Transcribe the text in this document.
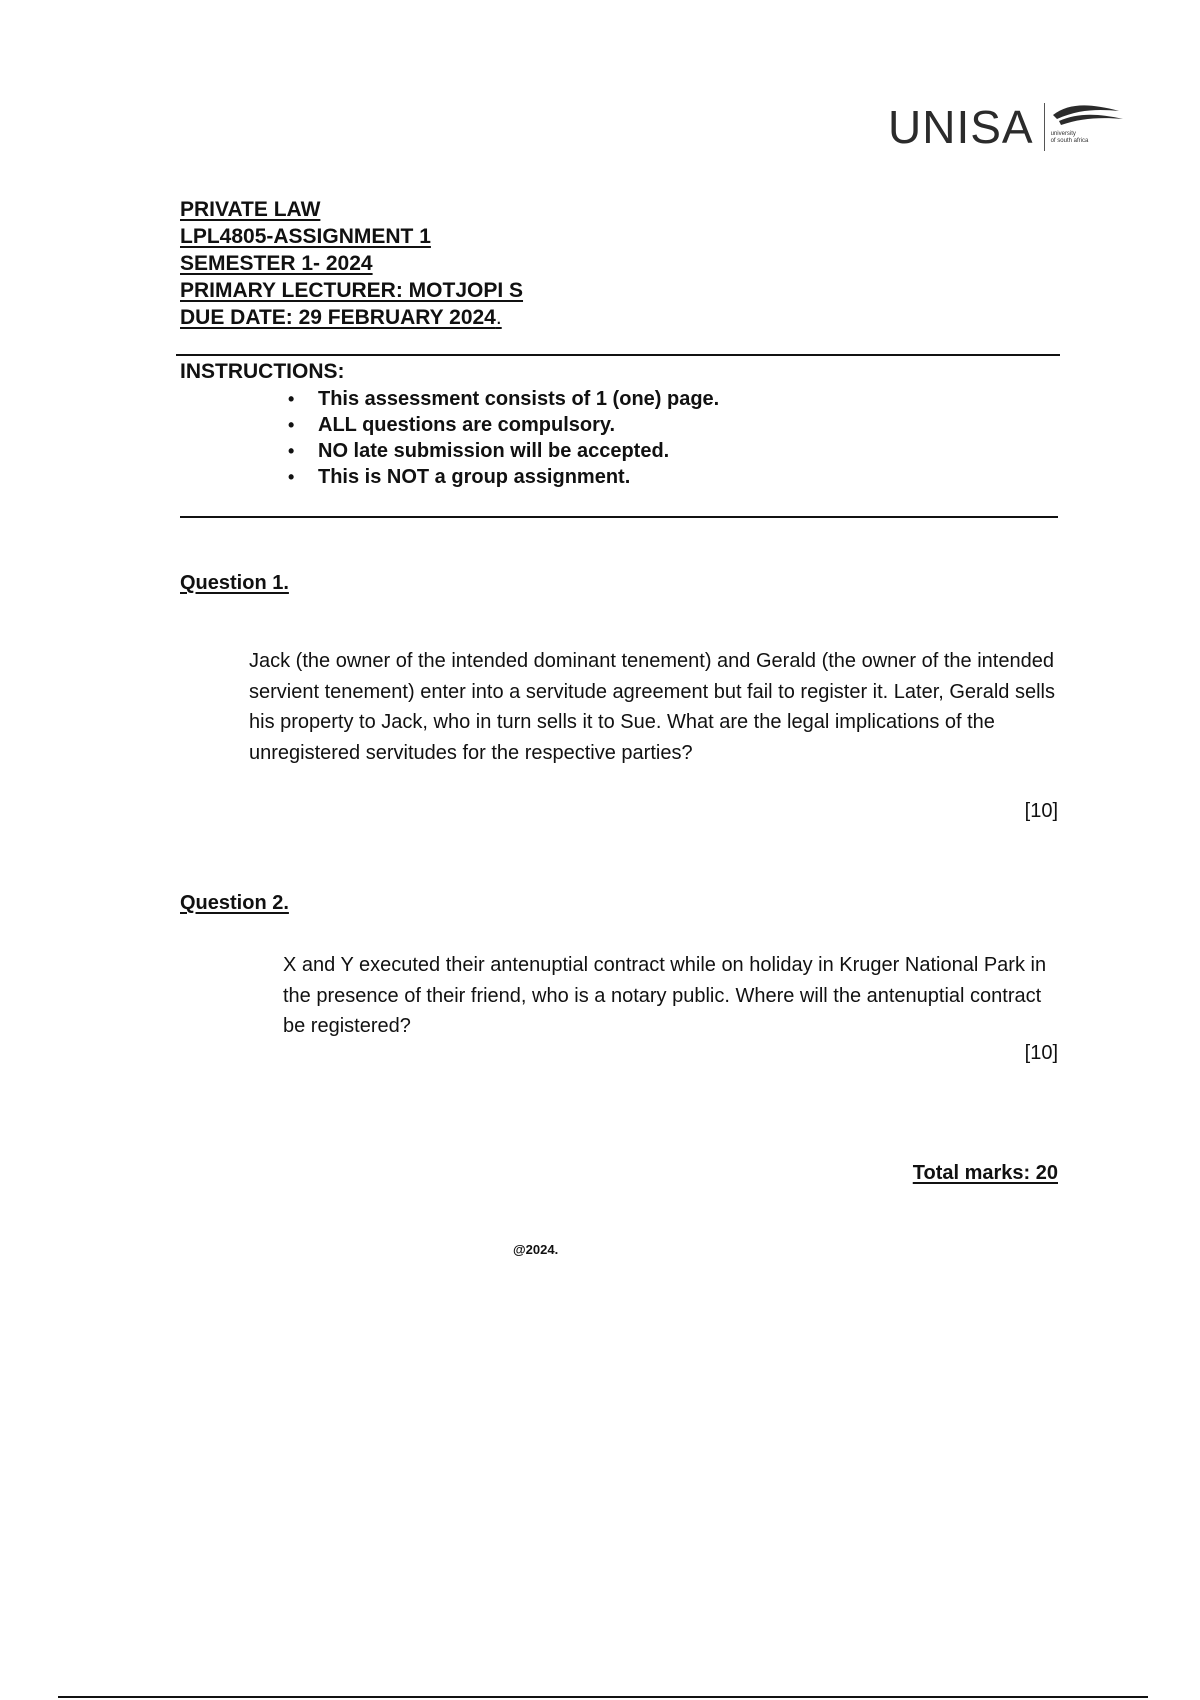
UNISA	university
of south africa
PRIVATE LAW
LPL4805-ASSIGNMENT 1
SEMESTER 1- 2024
PRIMARY LECTURER: MOTJOPI S
DUE DATE: 29 FEBRUARY 2024.
INSTRUCTIONS:
• This assessment consists of 1 (one) page.
• ALL questions are compulsory.
• NO late submission will be accepted.
• This is NOT a group assignment.
Question 1.
Jack (the owner of the intended dominant tenement) and Gerald (the owner of the intended servient tenement) enter into a servitude agreement but fail to register it. Later, Gerald sells his property to Jack, who in turn sells it to Sue. What are the legal implications of the unregistered servitudes for the respective parties?
[10]
Question 2.
X and Y executed their antenuptial contract while on holiday in Kruger National Park in the presence of their friend, who is a notary public. Where will the antenuptial contract be registered?
[10]
Total marks: 20
@2024.
